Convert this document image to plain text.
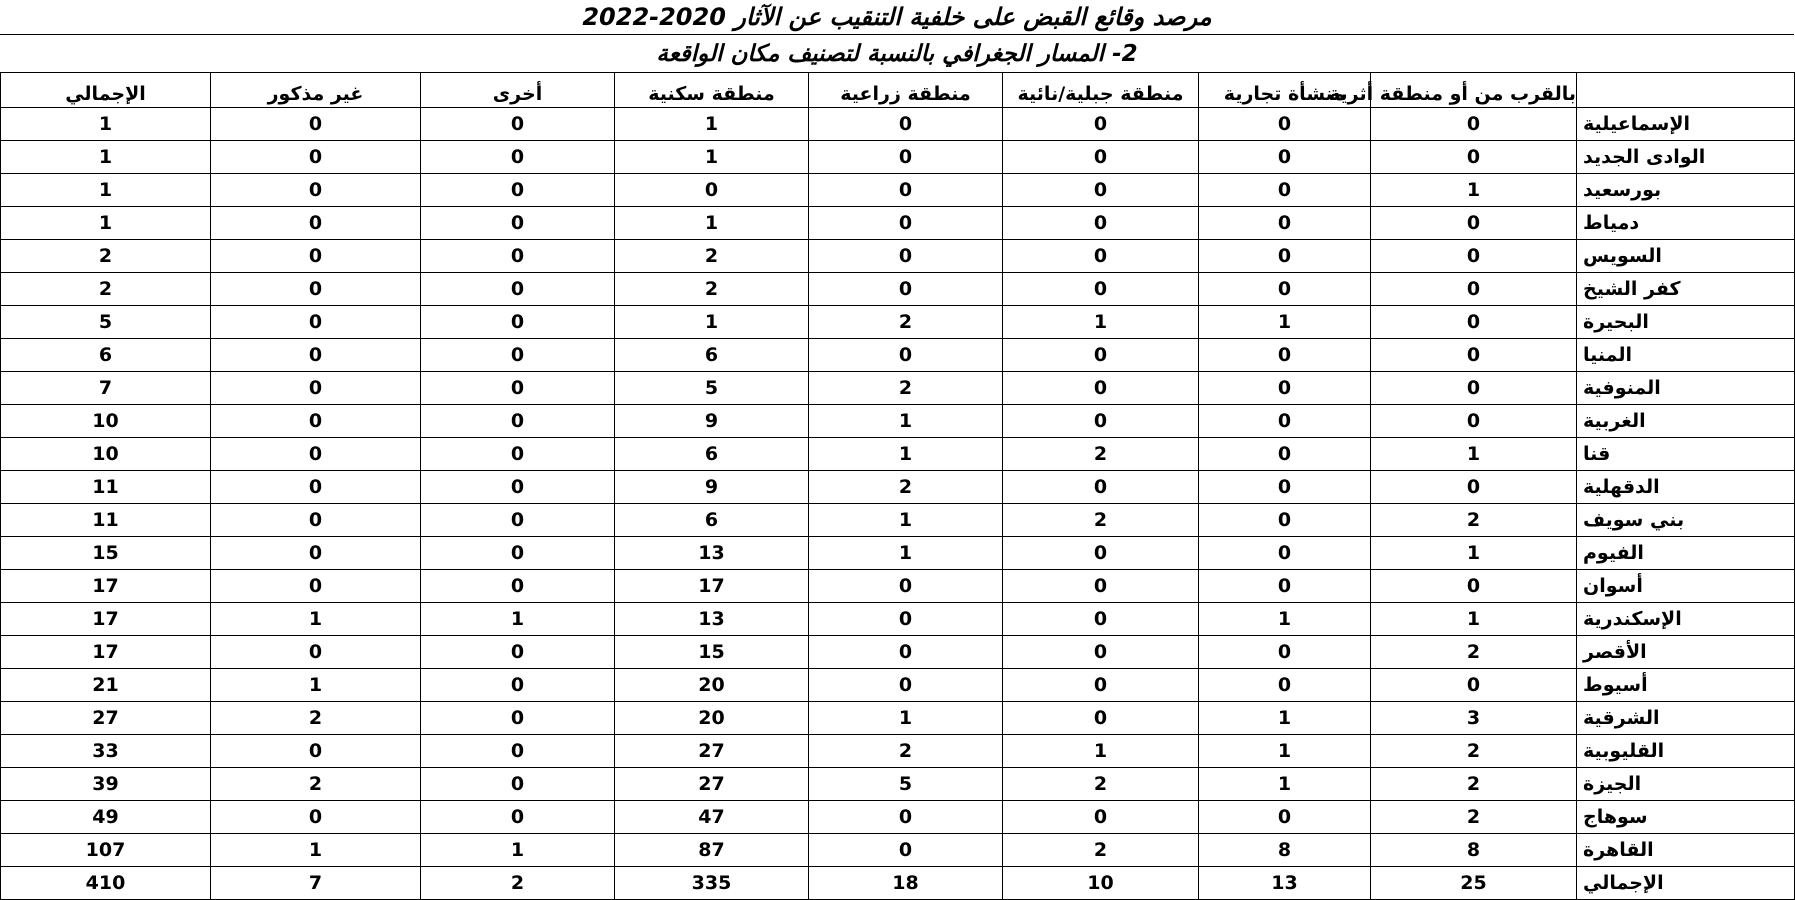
مرصد وقائع القبض على خلفية التنقيب عن الآثار 2020-2022
2- المسار الجغرافي بالنسبة لتصنيف مكان الواقعة
	بالقرب من أو منطقة أثرية	منشأة تجارية	منطقة جبلية/نائية	منطقة زراعية	منطقة سكنية	أخرى	غير مذكور	الإجمالي
الإسماعيلية	0	0	0	0	1	0	0	1
الوادى الجديد	0	0	0	0	1	0	0	1
بورسعيد	1	0	0	0	0	0	0	1
دمياط	0	0	0	0	1	0	0	1
السويس	0	0	0	0	2	0	0	2
كفر الشيخ	0	0	0	0	2	0	0	2
البحيرة	0	1	1	2	1	0	0	5
المنيا	0	0	0	0	6	0	0	6
المنوفية	0	0	0	2	5	0	0	7
الغربية	0	0	0	1	9	0	0	10
قنا	1	0	2	1	6	0	0	10
الدقهلية	0	0	0	2	9	0	0	11
بني سويف	2	0	2	1	6	0	0	11
الفيوم	1	0	0	1	13	0	0	15
أسوان	0	0	0	0	17	0	0	17
الإسكندرية	1	1	0	0	13	1	1	17
الأقصر	2	0	0	0	15	0	0	17
أسيوط	0	0	0	0	20	0	1	21
الشرقية	3	1	0	1	20	0	2	27
القليوبية	2	1	1	2	27	0	0	33
الجيزة	2	1	2	5	27	0	2	39
سوهاج	2	0	0	0	47	0	0	49
القاهرة	8	8	2	0	87	1	1	107
الإجمالي	25	13	10	18	335	2	7	410
